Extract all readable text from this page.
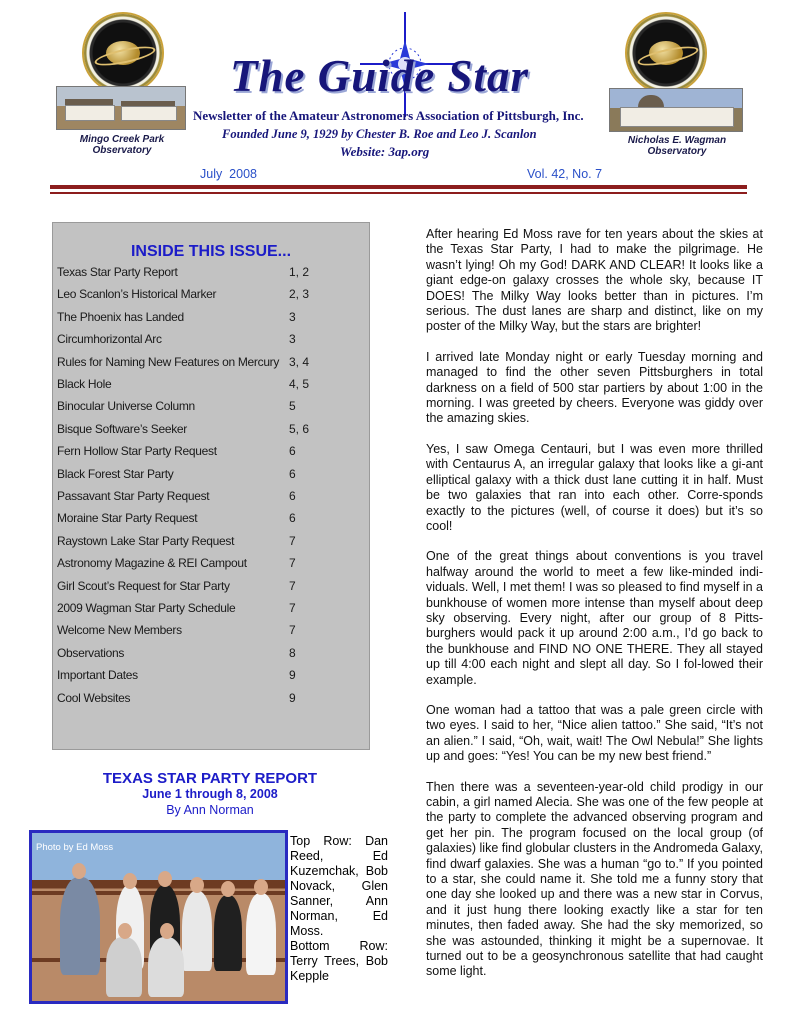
Mingo Creek Park
Observatory
Nicholas E. Wagman
Observatory
The Guide Star
Newsletter of the Amateur Astronomers Association of Pittsburgh, Inc.
Founded June 9, 1929 by Chester B. Roe and Leo J. Scanlon
Website: 3ap.org
July  2008	Vol. 42, No. 7
INSIDE THIS ISSUE...
Texas Star Party Report	1, 2
Leo Scanlon’s Historical Marker	2, 3
The Phoenix has Landed	3
Circumhorizontal Arc	3
Rules for Naming New Features on Mercury 3, 4
Black Hole	4, 5
Binocular Universe Column	5
Bisque Software’s Seeker	5, 6
Fern Hollow Star Party Request	6
Black Forest Star Party	6
Passavant Star Party Request	6
Moraine Star Party Request	6
Raystown Lake Star Party Request	7
Astronomy Magazine & REI Campout	7
Girl Scout’s Request for Star Party	7
2009 Wagman Star Party Schedule	7
Welcome New Members	7
Observations	8
Important Dates	9
Cool Websites	9
TEXAS STAR PARTY REPORT
June 1 through 8, 2008
By Ann Norman
Photo by Ed Moss	Top Row: Dan Reed, Ed Kuzemchak, Bob Novack, Glen Sanner, Ann Norman, Ed Moss.
Bottom Row: Terry Trees, Bob Kepple

After hearing Ed Moss rave for ten years about the skies at the Texas Star Party, I had to make the pilgrimage. He wasn’t lying! Oh my God! DARK AND CLEAR! It looks like a giant edge-on galaxy crosses the whole sky, because IT DOES! The Milky Way looks better than in pictures. I’m serious. The dust lanes are sharp and distinct, like on my poster of the Milky Way, but the stars are brighter!

I arrived late Monday night or early Tuesday morning and managed to find the other seven Pittsburghers in total darkness on a field of 500 star partiers by about 1:00 in the morning. I was greeted by cheers. Everyone was giddy over the amazing skies.

Yes, I saw Omega Centauri, but I was even more thrilled with Centaurus A, an irregular galaxy that looks like a gi-ant elliptical galaxy with a thick dust lane cutting it in half. Must be two galaxies that ran into each other. Corre-sponds exactly to the pictures (well, of course it does) but it’s so cool!

One of the great things about conventions is you travel halfway around the world to meet a few like-minded indi-viduals. Well, I met them! I was so pleased to find myself in a bunkhouse of women more intense than myself about deep sky observing. Every night, after our group of 8 Pitts-burghers would pack it up around 2:00 a.m., I’d go back to the bunkhouse and FIND NO ONE THERE. They all stayed up till 4:00 each night and slept all day. So I fol-lowed their example.

One woman had a tattoo that was a pale green circle with two eyes. I said to her, “Nice alien tattoo.” She said, “It’s not an alien.” I said, “Oh, wait, wait! The Owl Nebula!” She lights up and goes: “Yes! You can be my new best friend.”

Then there was a seventeen-year-old child prodigy in our cabin, a girl named Alecia. She was one of the few people at the party to complete the advanced observing program and get her pin. The program focused on the local group (of galaxies) like find globular clusters in the Andromeda Galaxy, find dwarf galaxies. She was a human “go to.” If you pointed to a star, she could name it. She told me a funny story that one day she looked up and there was a new star in Corvus, and it just hung there looking exactly like a star for ten minutes, then faded away. She had the sky memorized, so she was astounded, thinking it might be a supernovae. It turned out to be a geosynchronous satellite that had caught some light.
